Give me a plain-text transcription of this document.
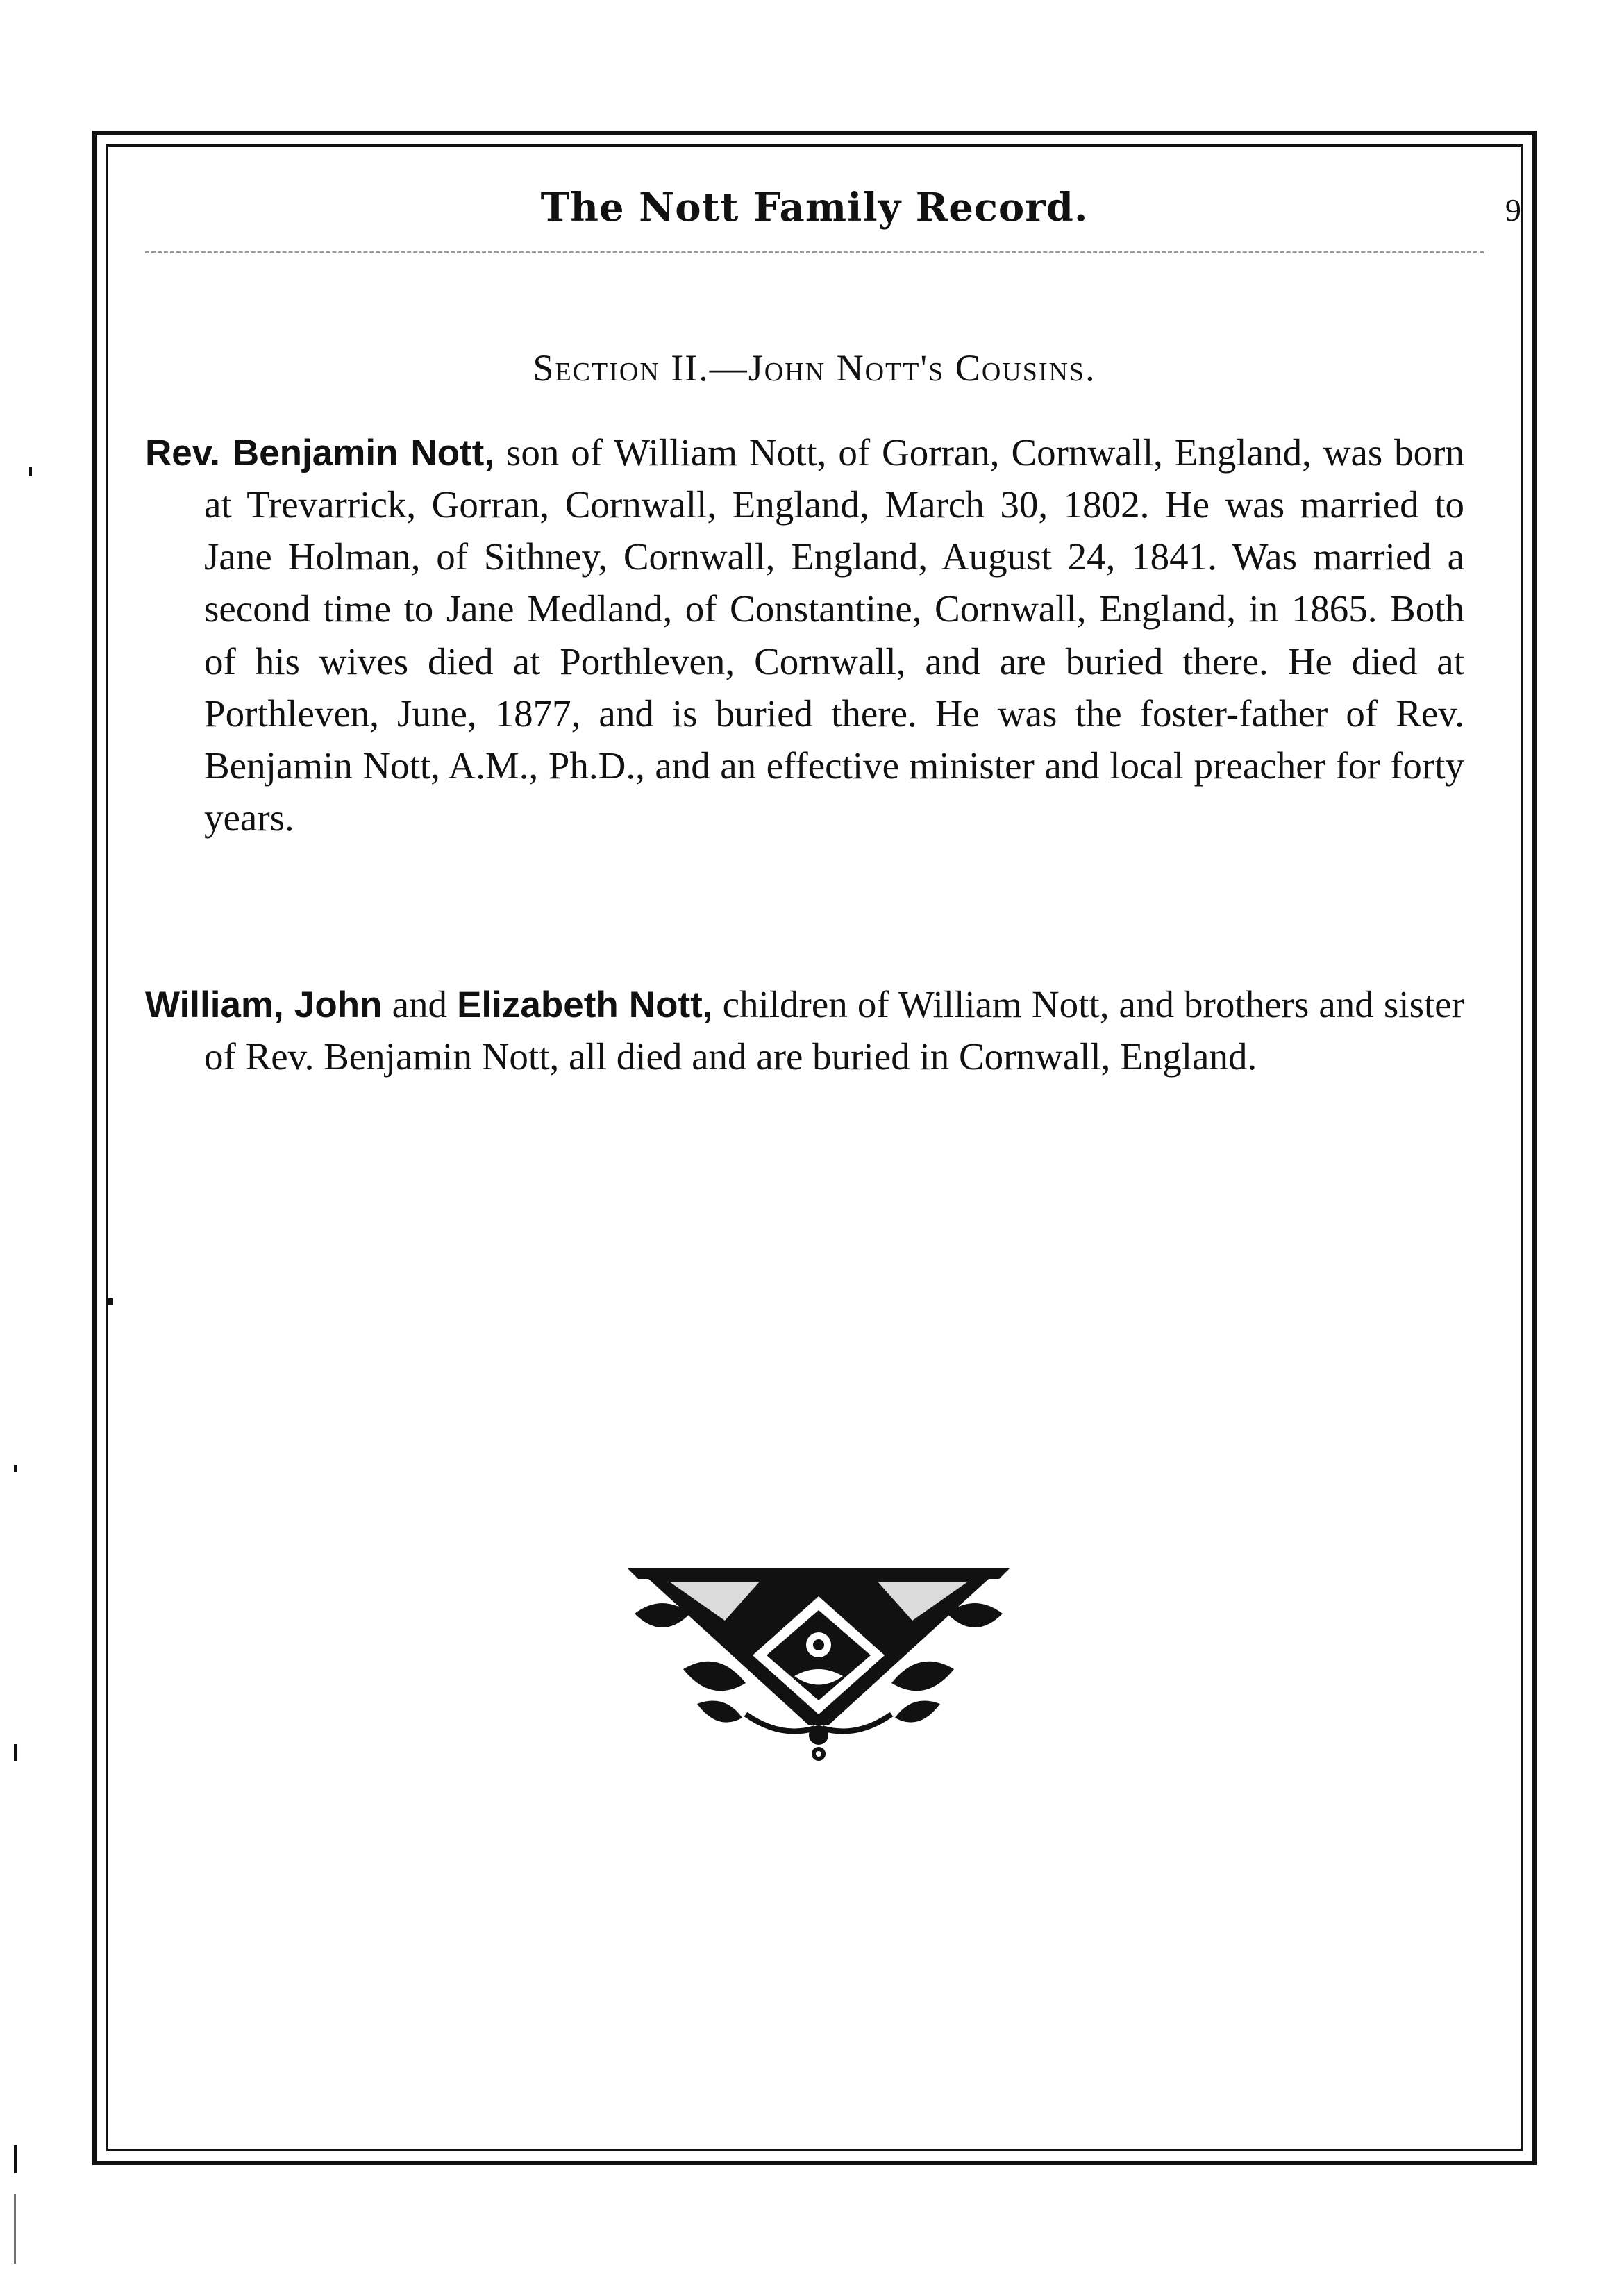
The Nott Family Record.	9
Section II.—John Nott's Cousins.

Rev. Benjamin Nott, son of William Nott, of Gorran, Cornwall, England, was born at Trevarrick, Gorran, Cornwall, England, March 30, 1802. He was married to Jane Holman, of Sithney, Cornwall, England, August 24, 1841. Was married a second time to Jane Medland, of Constantine, Cornwall, England, in 1865. Both of his wives died at Porthleven, Cornwall, and are buried there. He died at Porthleven, June, 1877, and is buried there. He was the foster-father of Rev. Benjamin Nott, A.M., Ph.D., and an effective minister and local preacher for forty years.

William, John and Elizabeth Nott, children of William Nott, and brothers and sister of Rev. Benjamin Nott, all died and are buried in Cornwall, England.
